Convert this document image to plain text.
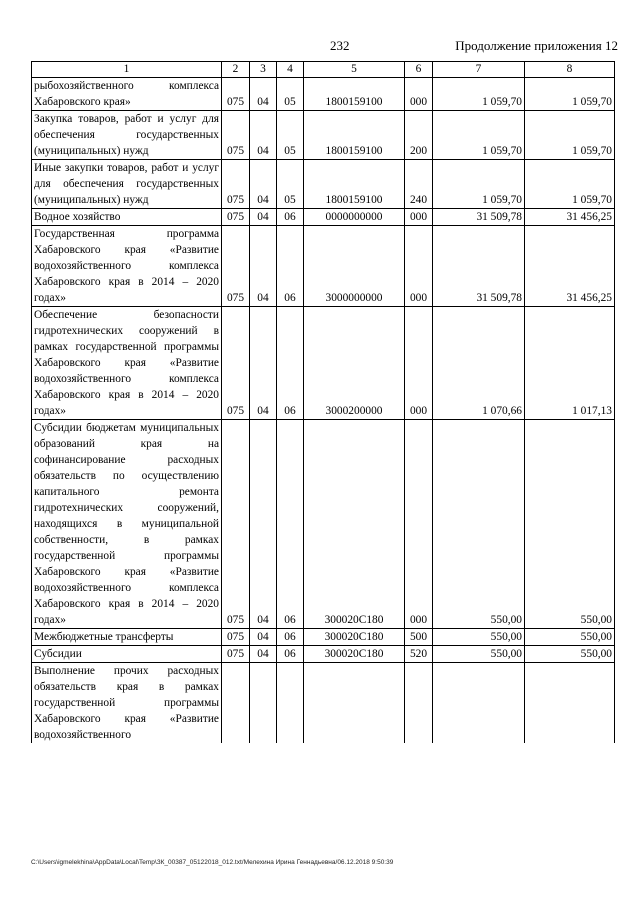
232	Продолжение приложения 12
1	2	3	4	5	6	7	8
рыбохозяйственного комплекса Хабаровского края»	075	04	05	1800159100	000	1 059,70	1 059,70
Закупка товаров, работ и услуг для обеспечения государственных (муниципальных) нужд	075	04	05	1800159100	200	1 059,70	1 059,70
Иные закупки товаров, работ и услуг для обеспечения государственных (муниципальных) нужд	075	04	05	1800159100	240	1 059,70	1 059,70
Водное хозяйство	075	04	06	0000000000	000	31 509,78	31 456,25
Государственная программа Хабаровского края «Развитие водохозяйственного комплекса Хабаровского края в 2014 – 2020 годах»	075	04	06	3000000000	000	31 509,78	31 456,25
Обеспечение безопасности гидротехнических сооружений в рамках государственной программы Хабаровского края «Развитие водохозяйственного комплекса Хабаровского края в 2014 – 2020 годах»	075	04	06	3000200000	000	1 070,66	1 017,13
Субсидии бюджетам муниципальных образований края на софинансирование расходных обязательств по осуществлению капитального ремонта гидротехнических сооружений, находящихся в муниципальной собственности, в рамках государственной программы Хабаровского края «Развитие водохозяйственного комплекса Хабаровского края в 2014 – 2020 годах»	075	04	06	300020С180	000	550,00	550,00
Межбюджетные трансферты	075	04	06	300020С180	500	550,00	550,00
Субсидии	075	04	06	300020С180	520	550,00	550,00
Выполнение прочих расходных обязательств края в рамках государственной программы Хабаровского края «Развитие водохозяйственного							
C:\Users\igmelekhina\AppData\Local\Temp\ЗК_00387_05122018_012.txt/Мелехина Ирина Геннадьевна/06.12.2018 9:50:39
